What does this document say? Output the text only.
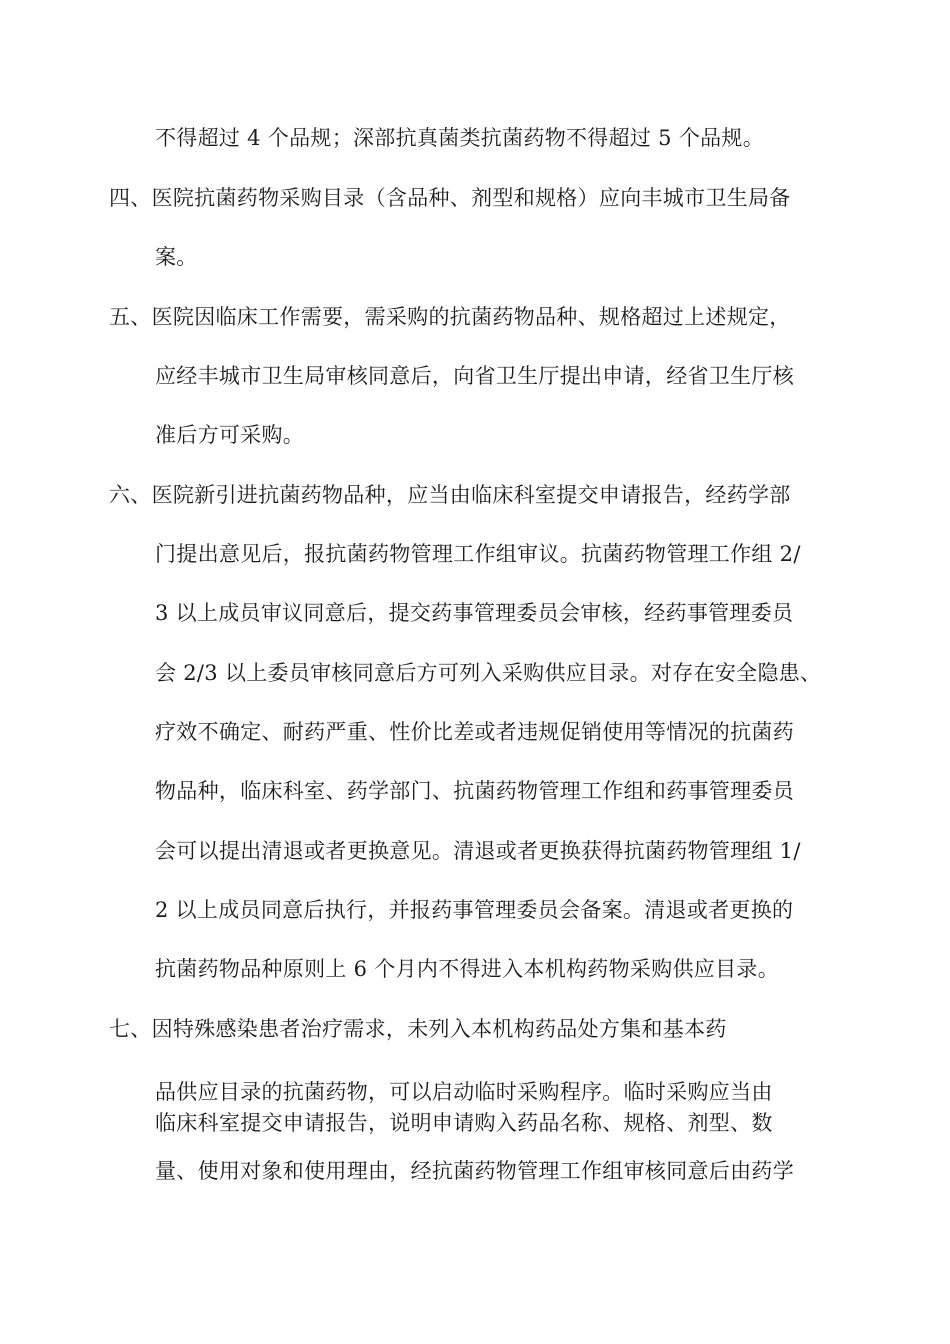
不得超过 4 个品规；深部抗真菌类抗菌药物不得超过 5 个品规。
四、医院抗菌药物采购目录（含品种、剂型和规格）应向丰城市卫生局备
案。
五、医院因临床工作需要，需采购的抗菌药物品种、规格超过上述规定，
应经丰城市卫生局审核同意后，向省卫生厅提出申请，经省卫生厅核
准后方可采购。
六、医院新引进抗菌药物品种，应当由临床科室提交申请报告，经药学部
门提出意见后，报抗菌药物管理工作组审议。抗菌药物管理工作组 2/
3 以上成员审议同意后，提交药事管理委员会审核，经药事管理委员
会 2/3 以上委员审核同意后方可列入采购供应目录。对存在安全隐患、
疗效不确定、耐药严重、性价比差或者违规促销使用等情况的抗菌药
物品种，临床科室、药学部门、抗菌药物管理工作组和药事管理委员
会可以提出清退或者更换意见。清退或者更换获得抗菌药物管理组 1/
2 以上成员同意后执行，并报药事管理委员会备案。清退或者更换的
抗菌药物品种原则上 6 个月内不得进入本机构药物采购供应目录。
七、因特殊感染患者治疗需求，未列入本机构药品处方集和基本药
品供应目录的抗菌药物，可以启动临时采购程序。临时采购应当由
临床科室提交申请报告，说明申请购入药品名称、规格、剂型、数
量、使用对象和使用理由，经抗菌药物管理工作组审核同意后由药学
